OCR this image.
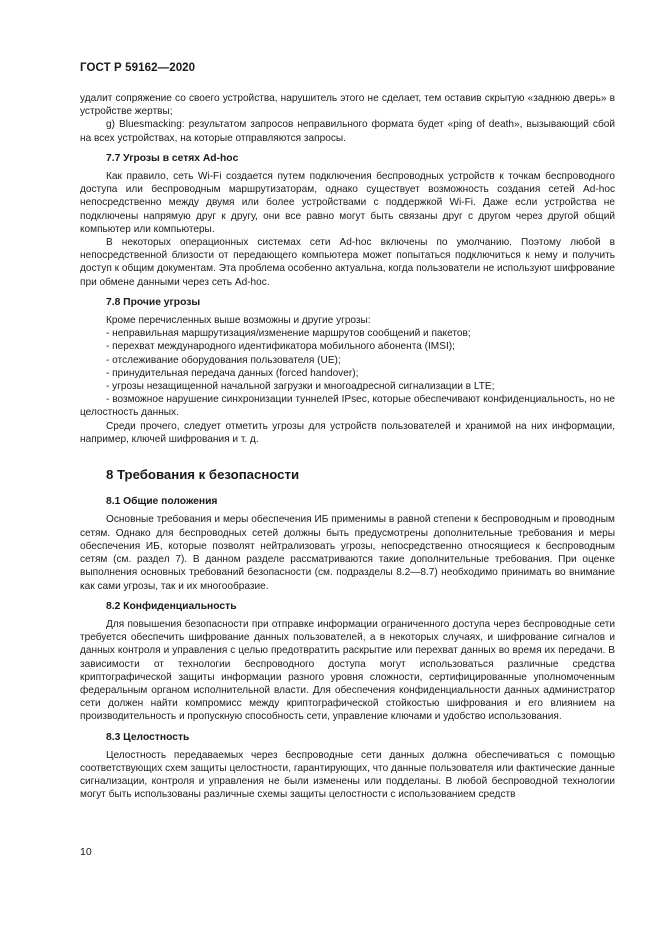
ГОСТ Р 59162—2020

удалит сопряжение со своего устройства, нарушитель этого не сделает, тем оставив скрытую «заднюю дверь» в устройстве жертвы;

g) Bluesmacking: результатом запросов неправильного формата будет «ping of death», вызывающий сбой на всех устройствах, на которые отправляются запросы.

7.7 Угрозы в сетях Ad-hoc

Как правило, сеть Wi-Fi создается путем подключения беспроводных устройств к точкам беспроводного доступа или беспроводным маршрутизаторам, однако существует возможность создания сетей Ad-hoc непосредственно между двумя или более устройствами с поддержкой Wi-Fi. Даже если устройства не подключены напрямую друг к другу, они все равно могут быть связаны друг с другом через другой общий компьютер или компьютеры.

В некоторых операционных системах сети Ad-hoc включены по умолчанию. Поэтому любой в непосредственной близости от передающего компьютера может попытаться подключиться к нему и получить доступ к общим документам. Эта проблема особенно актуальна, когда пользователи не используют шифрование при обмене данными через сеть Ad-hoc.

7.8 Прочие угрозы

Кроме перечисленных выше возможны и другие угрозы:

- неправильная маршрутизация/изменение маршрутов сообщений и пакетов;

- перехват международного идентификатора мобильного абонента (IMSI);

- отслеживание оборудования пользователя (UE);

- принудительная передача данных (forced handover);

- угрозы незащищенной начальной загрузки и многоадресной сигнализации в LTE;

- возможное нарушение синхронизации туннелей IPsec, которые обеспечивают конфиденциальность, но не целостность данных.

Среди прочего, следует отметить угрозы для устройств пользователей и хранимой на них информации, например, ключей шифрования и т. д.

8 Требования к безопасности
8.1 Общие положения

Основные требования и меры обеспечения ИБ применимы в равной степени к беспроводным и проводным сетям. Однако для беспроводных сетей должны быть предусмотрены дополнительные требования и меры обеспечения ИБ, которые позволят нейтрализовать угрозы, непосредственно относящиеся к беспроводным сетям (см. раздел 7). В данном разделе рассматриваются такие дополнительные требования. При оценке выполнения основных требований безопасности (см. подразделы 8.2—8.7) необходимо принимать во внимание как сами угрозы, так и их многообразие.

8.2 Конфиденциальность

Для повышения безопасности при отправке информации ограниченного доступа через беспроводные сети требуется обеспечить шифрование данных пользователей, а в некоторых случаях, и шифрование сигналов и данных контроля и управления с целью предотвратить раскрытие или перехват данных во время их передачи. В зависимости от технологии беспроводного доступа могут использоваться различные средства криптографической защиты информации разного уровня сложности, сертифицированные уполномоченным федеральным органом исполнительной власти. Для обеспечения конфиденциальности данных администратор сети должен найти компромисс между криптографической стойкостью шифрования и его влиянием на производительность и пропускную способность сети, управление ключами и удобство использования.

8.3 Целостность

Целостность передаваемых через беспроводные сети данных должна обеспечиваться с помощью соответствующих схем защиты целостности, гарантирующих, что данные пользователя или фактические данные сигнализации, контроля и управления не были изменены или подделаны. В любой беспроводной технологии могут быть использованы различные схемы защиты целостности с использованием средств

10
